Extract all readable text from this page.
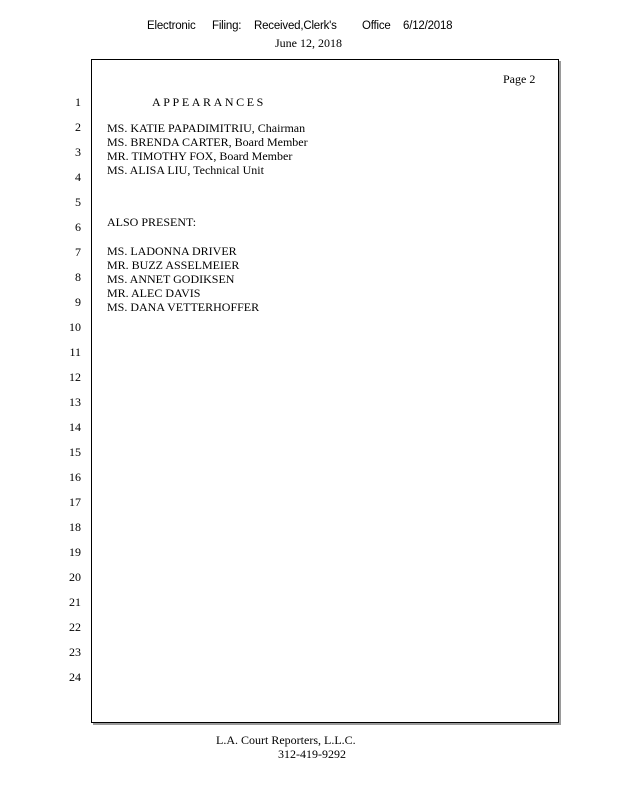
Electronic Filing: Received,Clerk's Office 6/12/2018
June 12, 2018
Page 2
1
2
3
4
5
6
7
8
9
10
11
12
13
14
15
16
17
18
19
20
21
22
23
24
APPEARANCES
MS. KATIE PAPADIMITRIU, Chairman
MS. BRENDA CARTER, Board Member
MR. TIMOTHY FOX, Board Member
MS. ALISA LIU, Technical Unit
ALSO PRESENT:
MS. LADONNA DRIVER
MR. BUZZ ASSELMEIER
MS. ANNET GODIKSEN
MR. ALEC DAVIS
MS. DANA VETTERHOFFER
L.A. Court Reporters, L.L.C.
312-419-9292
